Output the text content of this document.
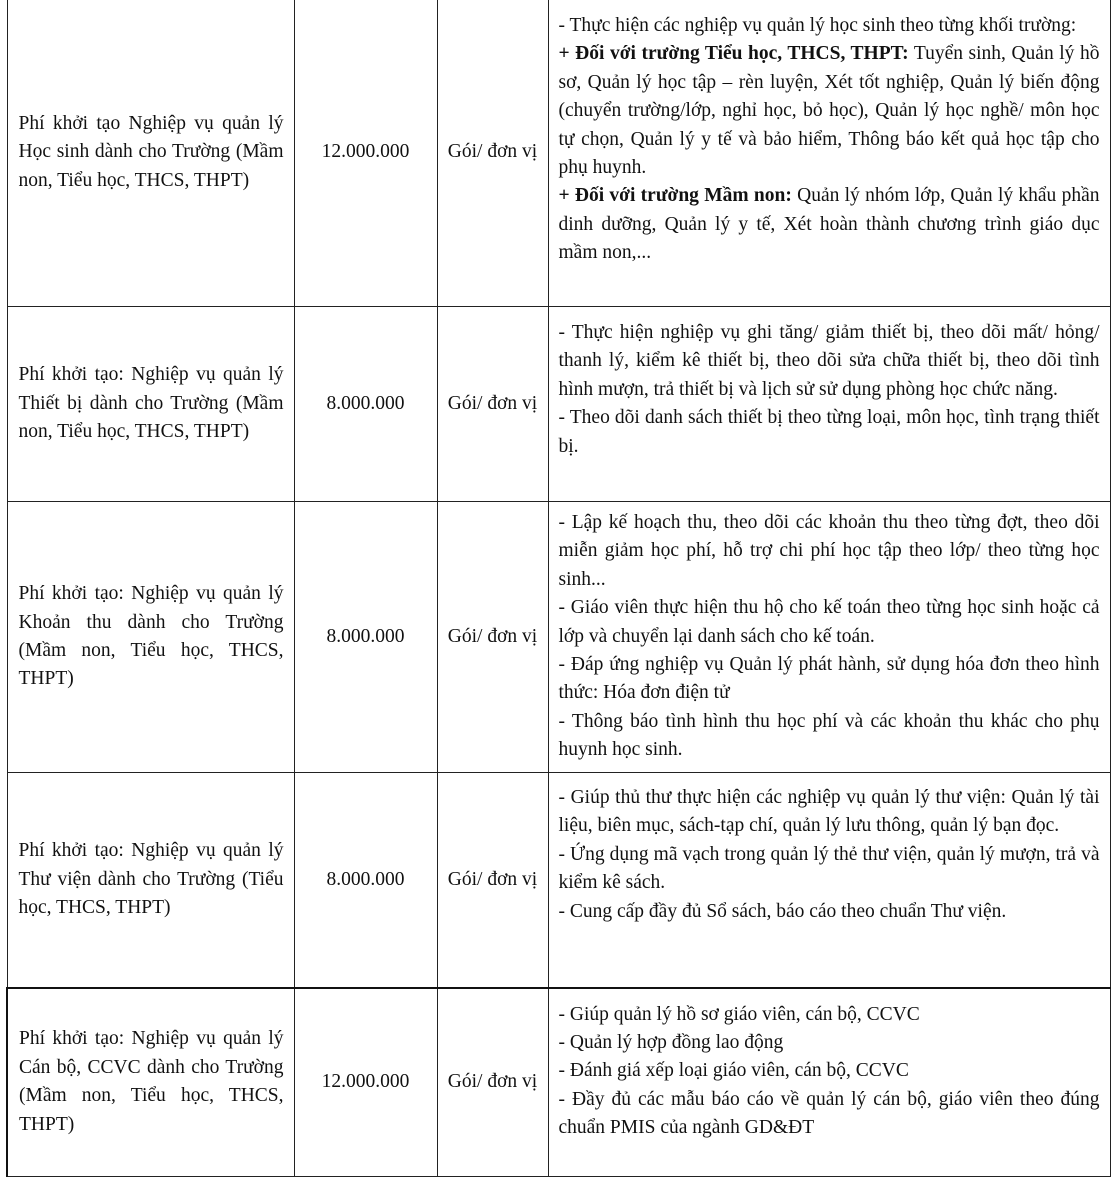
Phí khởi tạo Nghiệp vụ quản lý Học sinh dành cho Trường (Mầm non, Tiểu học, THCS, THPT)	12.000.000	Gói/ đơn vị	- Thực hiện các nghiệp vụ quản lý học sinh theo từng khối trường:
+ Đối với trường Tiểu học, THCS, THPT: Tuyển sinh, Quản lý hồ sơ, Quản lý học tập – rèn luyện, Xét tốt nghiệp, Quản lý biến động (chuyển trường/lớp, nghỉ học, bỏ học), Quản lý học nghề/ môn học tự chọn, Quản lý y tế và bảo hiểm, Thông báo kết quả học tập cho phụ huynh.
+ Đối với trường Mầm non: Quản lý nhóm lớp, Quản lý khẩu phần dinh dưỡng, Quản lý y tế, Xét hoàn thành chương trình giáo dục mầm non,...

Phí khởi tạo: Nghiệp vụ quản lý Thiết bị dành cho Trường (Mầm non, Tiểu học, THCS, THPT)	8.000.000	Gói/ đơn vị	- Thực hiện nghiệp vụ ghi tăng/ giảm thiết bị, theo dõi mất/ hỏng/ thanh lý, kiểm kê thiết bị, theo dõi sửa chữa thiết bị, theo dõi tình hình mượn, trả thiết bị và lịch sử sử dụng phòng học chức năng.
- Theo dõi danh sách thiết bị theo từng loại, môn học, tình trạng thiết bị.

Phí khởi tạo: Nghiệp vụ quản lý Khoản thu dành cho Trường (Mầm non, Tiểu học, THCS, THPT)	8.000.000	Gói/ đơn vị	- Lập kế hoạch thu, theo dõi các khoản thu theo từng đợt, theo dõi miễn giảm học phí, hỗ trợ chi phí học tập theo lớp/ theo từng học sinh...
- Giáo viên thực hiện thu hộ cho kế toán theo từng học sinh hoặc cả lớp và chuyển lại danh sách cho kế toán.
- Đáp ứng nghiệp vụ Quản lý phát hành, sử dụng hóa đơn theo hình thức: Hóa đơn điện tử
- Thông báo tình hình thu học phí và các khoản thu khác cho phụ huynh học sinh.

Phí khởi tạo: Nghiệp vụ quản lý Thư viện dành cho Trường (Tiểu học, THCS, THPT)	8.000.000	Gói/ đơn vị	- Giúp thủ thư thực hiện các nghiệp vụ quản lý thư viện: Quản lý tài liệu, biên mục, sách-tạp chí, quản lý lưu thông, quản lý bạn đọc.
- Ứng dụng mã vạch trong quản lý thẻ thư viện, quản lý mượn, trả và kiểm kê sách.
- Cung cấp đầy đủ Sổ sách, báo cáo theo chuẩn Thư viện.

Phí khởi tạo: Nghiệp vụ quản lý Cán bộ, CCVC dành cho Trường (Mầm non, Tiểu học, THCS, THPT)	12.000.000	Gói/ đơn vị	- Giúp quản lý hồ sơ giáo viên, cán bộ, CCVC
- Quản lý hợp đồng lao động
- Đánh giá xếp loại giáo viên, cán bộ, CCVC
- Đầy đủ các mẫu báo cáo về quản lý cán bộ, giáo viên theo đúng chuẩn PMIS của ngành GD&ĐT
